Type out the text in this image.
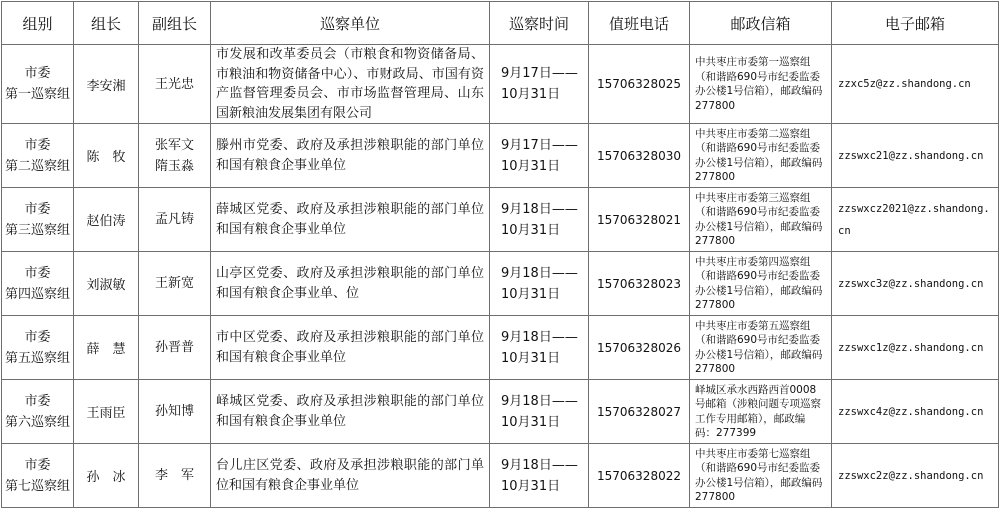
组别	组长	副组长	巡察单位	巡察时间	值班电话	邮政信箱	电子邮箱

市委
第一巡察组	李安湘	王光忠	市发展和改革委员会（市粮食和物资储备局、市粮油和物资储备中心）、市财政局、市国有资产监督管理委员会、市市场监督管理局、山东国新粮油发展集团有限公司	9月17日——
10月31日	15706328025	中共枣庄市委第一巡察组（和谐路690号市纪委监委办公楼1号信箱），邮政编码277800	zzxc5z@zz.shandong.cn

市委
第二巡察组	陈　牧	张军文
隋玉淼	滕州市党委、政府及承担涉粮职能的部门单位和国有粮食企事业单位	9月17日——
10月31日	15706328030	中共枣庄市委第二巡察组（和谐路690号市纪委监委办公楼1号信箱），邮政编码277800	zzswxc21@zz.shandong.cn

市委
第三巡察组	赵伯涛	孟凡铸	薛城区党委、政府及承担涉粮职能的部门单位和国有粮食企事业单位	9月18日——
10月31日	15706328021	中共枣庄市委第三巡察组（和谐路690号市纪委监委办公楼1号信箱），邮政编码277800	zzswxcz2021@zz.shandong.cn

市委
第四巡察组	刘淑敏	王新宽	山亭区党委、政府及承担涉粮职能的部门单位和国有粮食企事业单、位	9月18日——
10月31日	15706328023	中共枣庄市委第四巡察组（和谐路690号市纪委监委办公楼1号信箱），邮政编码277800	zzswxc3z@zz.shandong.cn

市委
第五巡察组	薛　慧	孙晋普	市中区党委、政府及承担涉粮职能的部门单位和国有粮食企事业单位	9月18日——
10月31日	15706328026	中共枣庄市委第五巡察组（和谐路690号市纪委监委办公楼1号信箱），邮政编码277800	zzswxc1z@zz.shandong.cn

市委
第六巡察组	王雨臣	孙知博	峄城区党委、政府及承担涉粮职能的部门单位和国有粮食企事业单位	9月18日——
10月31日	15706328027	峄城区承水西路西首0008号邮箱（涉粮问题专项巡察工作专用邮箱），邮政编码：277399	zzswxc4z@zz.shandong.cn

市委
第七巡察组	孙　冰	李　军	台儿庄区党委、政府及承担涉粮职能的部门单位和国有粮食企事业单位	9月18日——
10月31日	15706328022	中共枣庄市委第七巡察组（和谐路690号市纪委监委办公楼1号信箱），邮政编码277800	zzswxc2z@zz.shandong.cn
